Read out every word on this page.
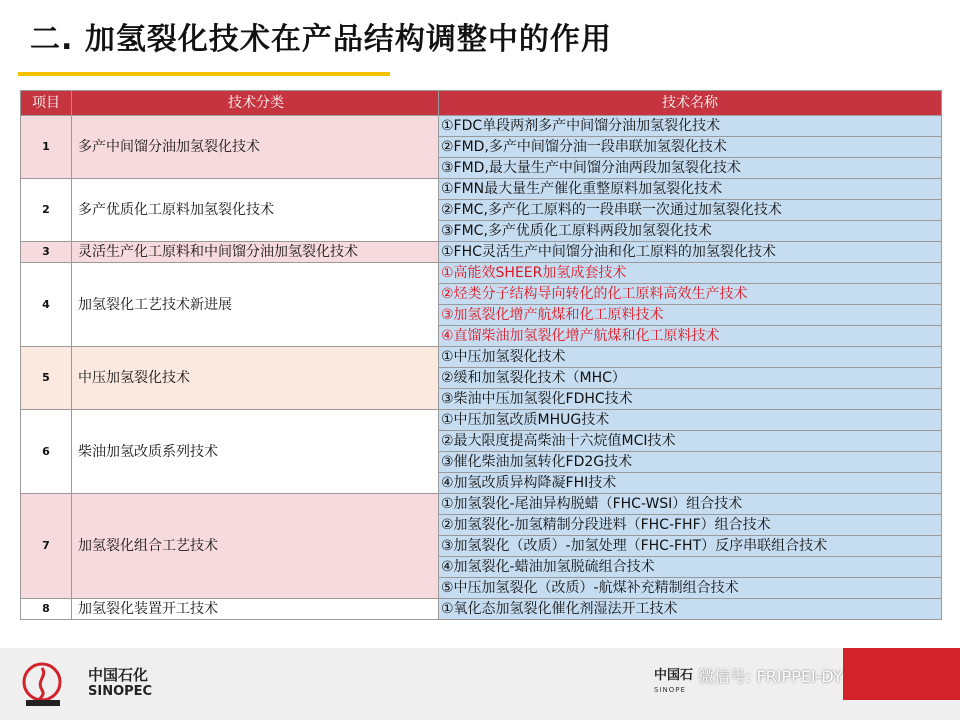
二. 加氢裂化技术在产品结构调整中的作用
项目	技术分类	技术名称
1	多产中间馏分油加氢裂化技术	①FDC单段两剂多产中间馏分油加氢裂化技术
		②FMD,多产中间馏分油一段串联加氢裂化技术
		③FMD,最大量生产中间馏分油两段加氢裂化技术
2	多产优质化工原料加氢裂化技术	①FMN最大量生产催化重整原料加氢裂化技术
		②FMC,多产化工原料的一段串联一次通过加氢裂化技术
		③FMC,多产优质化工原料两段加氢裂化技术
3	灵活生产化工原料和中间馏分油加氢裂化技术	①FHC灵活生产中间馏分油和化工原料的加氢裂化技术
4	加氢裂化工艺技术新进展	①高能效SHEER加氢成套技术
		②烃类分子结构导向转化的化工原料高效生产技术
		③加氢裂化增产航煤和化工原料技术
		④直馏柴油加氢裂化增产航煤和化工原料技术
5	中压加氢裂化技术	①中压加氢裂化技术
		②缓和加氢裂化技术（MHC）
		③柴油中压加氢裂化FDHC技术
6	柴油加氢改质系列技术	①中压加氢改质MHUG技术
		②最大限度提高柴油十六烷值MCI技术
		③催化柴油加氢转化FD2G技术
		④加氢改质异构降凝FHI技术
7	加氢裂化组合工艺技术	①加氢裂化-尾油异构脱蜡（FHC-WSI）组合技术
		②加氢裂化-加氢精制分段进料（FHC-FHF）组合技术
		③加氢裂化（改质）-加氢处理（FHC-FHT）反序串联组合技术
		④加氢裂化-蜡油加氢脱硫组合技术
		⑤中压加氢裂化（改质）-航煤补充精制组合技术
8	加氢裂化装置开工技术	①氧化态加氢裂化催化剂湿法开工技术
中国石化
SINOPEC
中国石
SINOPE
微信号: FRIPPEI-DY
